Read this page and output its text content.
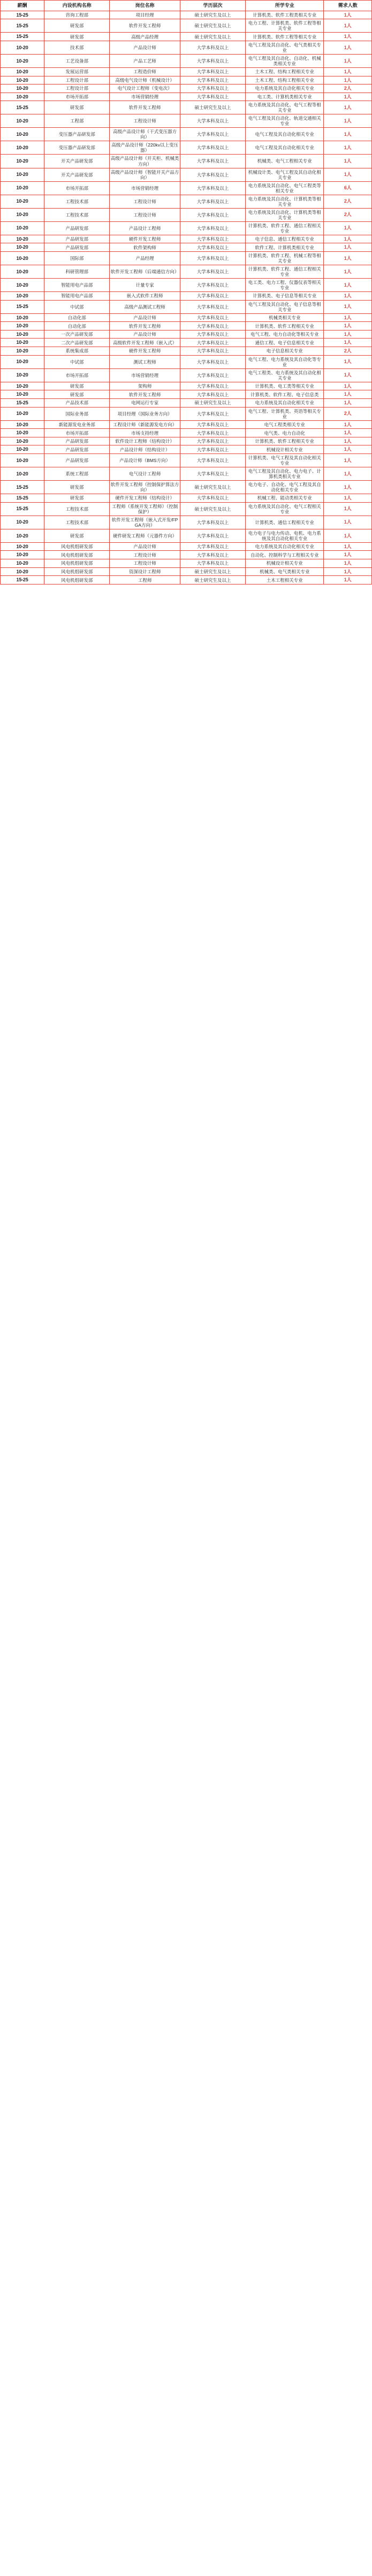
薪酬	内设机构名称	岗位名称	学历层次	所学专业	需求人数
15-25	咨询工程部	项目经理	硕士研究生及以上	计算机类、软件工程类相关专业	1人
15-25	研发部	软件开发工程师	硕士研究生及以上	电力工程、计算机类、软件工程等相关专业	1人
15-25	研发部	高级产品经理	硕士研究生及以上	计算机类、软件工程等相关专业	1人
10-20	技术部	产品设计师	大学本科及以上	电气工程及其自动化、电气类相关专业	1人
10-20	工艺设备部	产品工艺师	大学本科及以上	电气工程及其自动化、自动化、机械类相关专业	1人
10-20	发展运营部	工程造价师	大学本科及以上	土木工程、结构工程相关专业	1人
10-20	工程设计部	高级电气设计师（机械设计）	大学本科及以上	土木工程、结构工程相关专业	1人
10-20	工程设计部	电气设计工程师（变电次）	大学本科及以上	电力系统及其自动化相关专业	2人
10-20	市场开拓部	市场营销经理	大学本科及以上	电工类、计算机类相关专业	1人
15-25	研发部	软件开发工程师	硕士研究生及以上	电力系统及其自动化、电气工程等相关专业	1人
10-20	工程部	工程设计师	大学本科及以上	电气工程及其自动化、轨道交通相关专业	1人
10-20	变压器产品研发部	高级产品设计师（干式变压器方向）	大学本科及以上	电气工程及其自动化相关专业	1人
10-20	变压器产品研发部	高级产品设计师（220kv以上变压器）	大学本科及以上	电气工程及其自动化相关专业	1人
10-20	开关产品研发部	高级产品设计师（开关柜、机械类方向）	大学本科及以上	机械类、电气工程相关专业	1人
10-20	开关产品研发部	高级产品设计师（智能开关产品方向）	大学本科及以上	机械设计类、电气工程及其自动化相关专业	1人
10-20	市场开拓部	市场营销经理	大学本科及以上	电力系统及其自动化、电气工程类等相关专业	6人
10-20	工程技术部	工程设计师	大学本科及以上	电力系统及其自动化、计算机类等相关专业	2人
10-20	工程技术部	工程设计师	大学本科及以上	电力系统及其自动化、计算机类等相关专业	2人
10-20	产品研发部	产品设计工程师	大学本科及以上	计算机类、软件工程、通信工程相关专业	1人
10-20	产品研发部	硬件开发工程师	大学本科及以上	电子信息、通信工程相关专业	1人
10-20	产品研发部	软件架构师	大学本科及以上	软件工程、计算机类相关专业	1人
10-20	国际部	产品经理	大学本科及以上	计算机类、软件工程、机械工程等相关专业	1人
10-20	科研管理部	软件开发工程师（后端通信方向）	大学本科及以上	计算机类、软件工程、通信工程相关专业	1人
10-20	智能用电产品部	计量专家	大学本科及以上	电工类、电力工程、仪器仪表等相关专业	1人
10-20	智能用电产品部	嵌入式软件工程师	大学本科及以上	计算机类、电子信息等相关专业	1人
15-25	中试部	高级产品测试工程师	大学本科及以上	电气工程及其自动化、电子信息等相关专业	1人
10-20	自动化部	产品设计师	大学本科及以上	机械类相关专业	1人
10-20	自动化部	软件开发工程师	大学本科及以上	计算机类、软件工程相关专业	1人
10-20	一次产品研发部	产品设计师	大学本科及以上	电气工程、电力自动化等相关专业	1人
10-20	二次产品研发部	高级软件开发工程师（嵌入式）	大学本科及以上	通信工程、电子信息相关专业	1人
10-20	系统集成部	硬件开发工程师	大学本科及以上	电子信息相关专业	2人
10-20	中试部	测试工程师	大学本科及以上	电气工程、电力系统及其自动化等专业	1人
10-20	市场开拓部	市场营销经理	大学本科及以上	电气工程类、电力系统及其自动化相关专业	1人
10-20	研发部	架构师	大学本科及以上	计算机类、电工类等相关专业	1人
10-20	研发部	软件开发工程师	大学本科及以上	计算机类、软件工程、电子信息类	1人
15-25	产品技术部	电网运行专家	硕士研究生及以上	电力系统及其自动化相关专业	1人
10-20	国际业务部	项目经理（国际业务方向）	大学本科及以上	电气工程、计算机类、英语等相关专业	2人
10-20	新能源发电业务部	工程设计师（新能源发电方向）	大学本科及以上	电气工程类相关专业	1人
10-20	市场开拓部	市场支持经理	大学本科及以上	电气类、电力自动化	1人
10-20	产品研发部	软件设计工程师（结构设计）	大学本科及以上	计算机类、软件工程相关专业	1人
10-20	产品研发部	产品设计师（结构设计）	大学本科及以上	机械设计相关专业	1人
10-20	产品研发部	产品设计师（BMS方向）	大学本科及以上	计算机类、电气工程及其自动化相关专业	1人
10-20	系统工程部	电气设计工程师	大学本科及以上	电气工程及其自动化、电力电子、计算机类相关专业	1人
15-25	研发部	软件开发工程师（控制保护算法方向）	硕士研究生及以上	电力电子、自动化、电气工程及其自动化相关专业	1人
15-25	研发部	硬件开发工程师（结构设计）	大学本科及以上	机械工程、能动类相关专业	1人
15-25	工程技术部	工程师（系统开发工程师）（控制保护）	硕士研究生及以上	电力系统及其自动化、电气工程相关专业	1人
10-20	工程技术部	软件开发工程师（嵌入式开发/FPGA方向）	大学本科及以上	计算机类、通信工程相关专业	1人
10-20	研发部	硬件研发工程师（元器件方向）	大学本科及以上	电力电子与电力传动、电机、电力系统及其自动化相关专业	1人
10-20	风电机组研发部	产品设计师	大学本科及以上	电力系统及其自动化相关专业	1人
10-20	风电机组研发部	工程设计师	大学本科及以上	自动化、控制科学与工程相关专业	1人
10-20	风电机组研发部	工程设计师	大学本科及以上	机械设计相关专业	1人
10-20	风电机组研发部	资深设计工程师	硕士研究生及以上	机械类、电气类相关专业	1人
15-25	风电机组研发部	工程师	硕士研究生及以上	土木工程相关专业	1人
